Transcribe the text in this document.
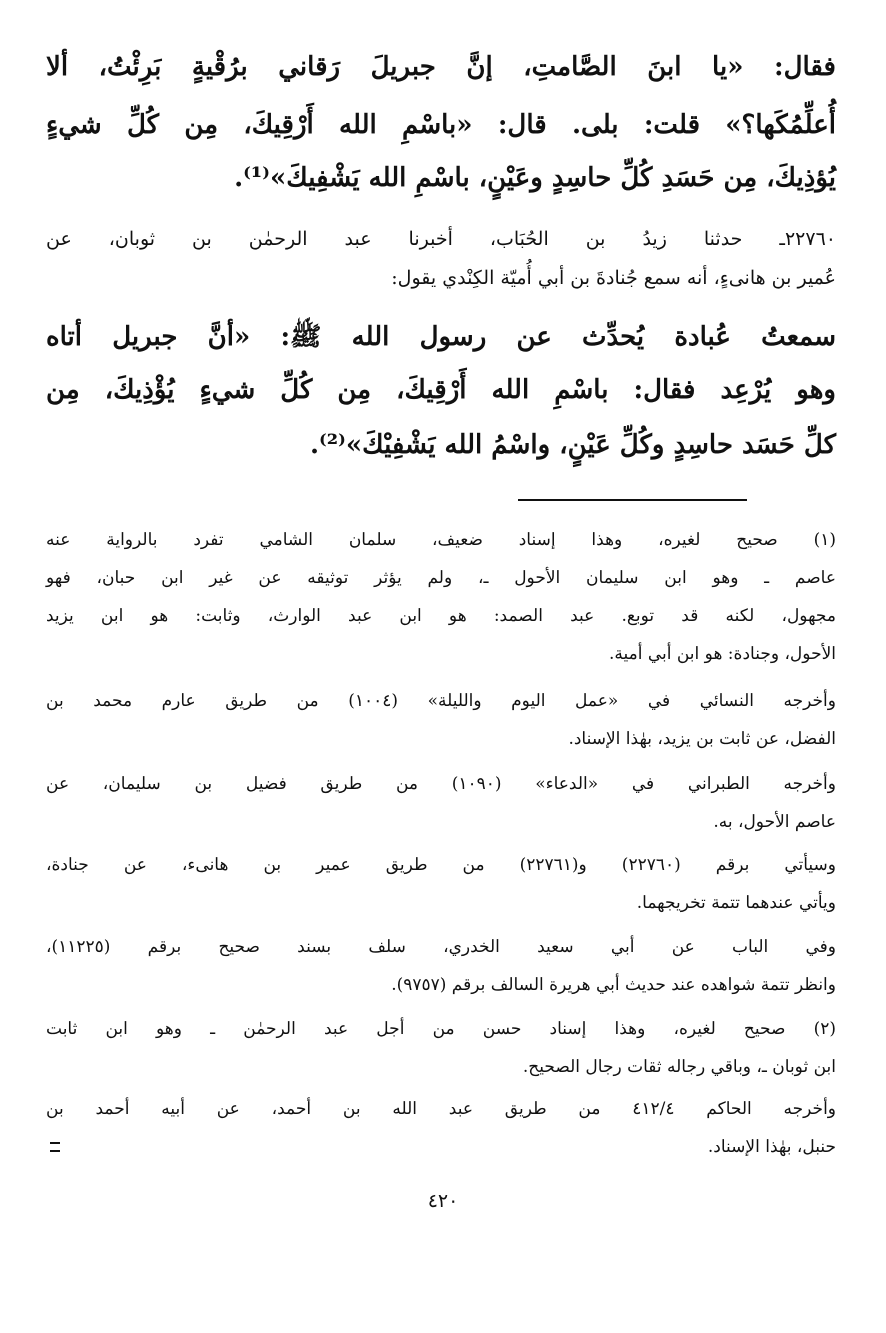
فقال: «يا ابنَ الصَّامتِ، إنَّ جبريلَ رَقاني برُقْيةٍ بَرِئْتُ، ألا
أُعلِّمُكَها؟» قلت: بلى. قال: «باسْمِ الله أَرْقِيكَ، مِن كُلِّ شيءٍ
يُؤذِيكَ، مِن حَسَدِ كُلِّ حاسِدٍ وعَيْنٍ، باسْمِ الله يَشْفِيكَ»⁽¹⁾.
٢٢٧٦٠ـ حدثنا زيدُ بن الحُبَاب، أخبرنا عبد الرحمٰن بن ثوبان، عن
عُمير بن هانىءٍ، أنه سمع جُنادةَ بن أبي أُميّة الكِنْدي يقول:
سمعتُ عُبادة يُحدِّث عن رسول الله ﷺ: «أنَّ جبريل أتاه
وهو يُرْعِد فقال: باسْمِ الله أَرْقِيكَ، مِن كُلِّ شيءٍ يُؤْذِيكَ، مِن
كلِّ حَسَد حاسِدٍ وكُلِّ عَيْنٍ، واسْمُ الله يَشْفِيْكَ»⁽²⁾.
(١) صحيح لغيره، وهذا إسناد ضعيف، سلمان الشامي تفرد بالرواية عنه
عاصم ـ وهو ابن سليمان الأحول ـ، ولم يؤثر توثيقه عن غير ابن حبان، فهو
مجهول، لكنه قد توبع. عبد الصمد: هو ابن عبد الوارث، وثابت: هو ابن يزيد
الأحول، وجنادة: هو ابن أبي أمية.
وأخرجه النسائي في «عمل اليوم والليلة» (١٠٠٤) من طريق عارم محمد بن
الفضل، عن ثابت بن يزيد، بهٰذا الإسناد.
وأخرجه الطبراني في «الدعاء» (١٠٩٠) من طريق فضيل بن سليمان، عن
عاصم الأحول، به.
وسيأتي برقم (٢٢٧٦٠) و(٢٢٧٦١) من طريق عمير بن هانىء، عن جنادة،
ويأتي عندهما تتمة تخريجهما.
وفي الباب عن أبي سعيد الخدري، سلف بسند صحيح برقم (١١٢٢٥)،
وانظر تتمة شواهده عند حديث أبي هريرة السالف برقم (٩٧٥٧).
(٢) صحيح لغيره، وهذا إسناد حسن من أجل عبد الرحمٰن ـ وهو ابن ثابت
ابن ثوبان ـ، وباقي رجاله ثقات رجال الصحيح.
وأخرجه الحاكم ٤١٢/٤ من طريق عبد الله بن أحمد، عن أبيه أحمد بن
حنبل، بهٰذا الإسناد.
٤٢٠
